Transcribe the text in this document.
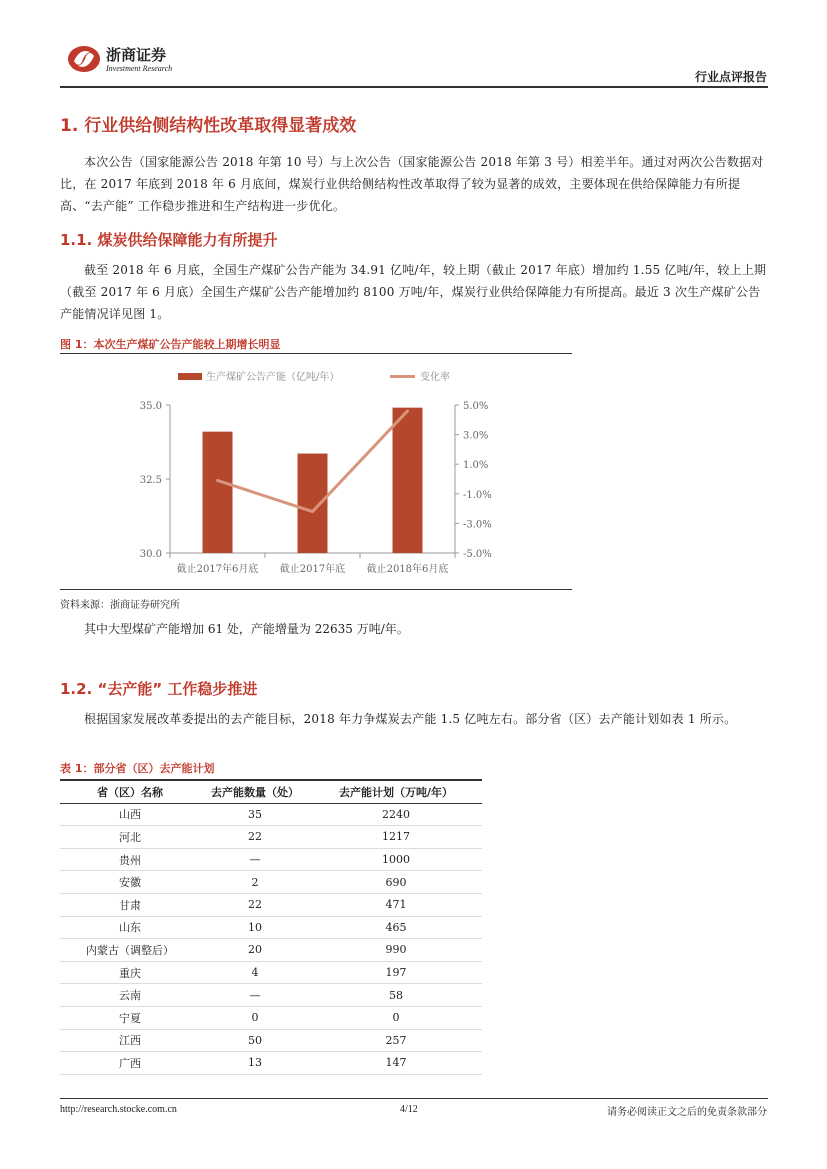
浙商证券
Investment Research
行业点评报告
1. 行业供给侧结构性改革取得显著成效
本次公告（国家能源公告 2018 年第 10 号）与上次公告（国家能源公告 2018 年第 3 号）相差半年。通过对两次公告数据对比，在 2017 年底到 2018 年 6 月底间，煤炭行业供给侧结构性改革取得了较为显著的成效，主要体现在供给保障能力有所提高、“去产能” 工作稳步推进和生产结构进一步优化。
1.1. 煤炭供给保障能力有所提升
截至 2018 年 6 月底，全国生产煤矿公告产能为 34.91 亿吨/年，较上期（截止 2017 年底）增加约 1.55 亿吨/年，较上上期（截至 2017 年 6 月底）全国生产煤矿公告产能增加约 8100 万吨/年，煤炭行业供给保障能力有所提高。最近 3 次生产煤矿公告产能情况详见图 1。
图 1：本次生产煤矿公告产能较上期增长明显
生产煤矿公告产能（亿吨/年）	变化率
30.0
32.5
35.0
-5.0%
-3.0%
-1.0%
1.0%
3.0%
5.0%
截止2017年6月底 截止2017年底 截止2018年6月底
资料来源：浙商证券研究所
其中大型煤矿产能增加 61 处，产能增量为 22635 万吨/年。
1.2. “去产能” 工作稳步推进
根据国家发展改革委提出的去产能目标，2018 年力争煤炭去产能 1.5 亿吨左右。部分省（区）去产能计划如表 1 所示。
表 1：部分省（区）去产能计划
省（区）名称	去产能数量（处）	去产能计划（万吨/年）
山西	35	2240
河北	22	1217
贵州	—	1000
安徽	2	690
甘肃	22	471
山东	10	465
内蒙古（调整后）	20	990
重庆	4	197
云南	—	58
宁夏	0	0
江西	50	257
广西	13	147
http://research.stocke.com.cn	4/12	请务必阅读正文之后的免责条款部分
